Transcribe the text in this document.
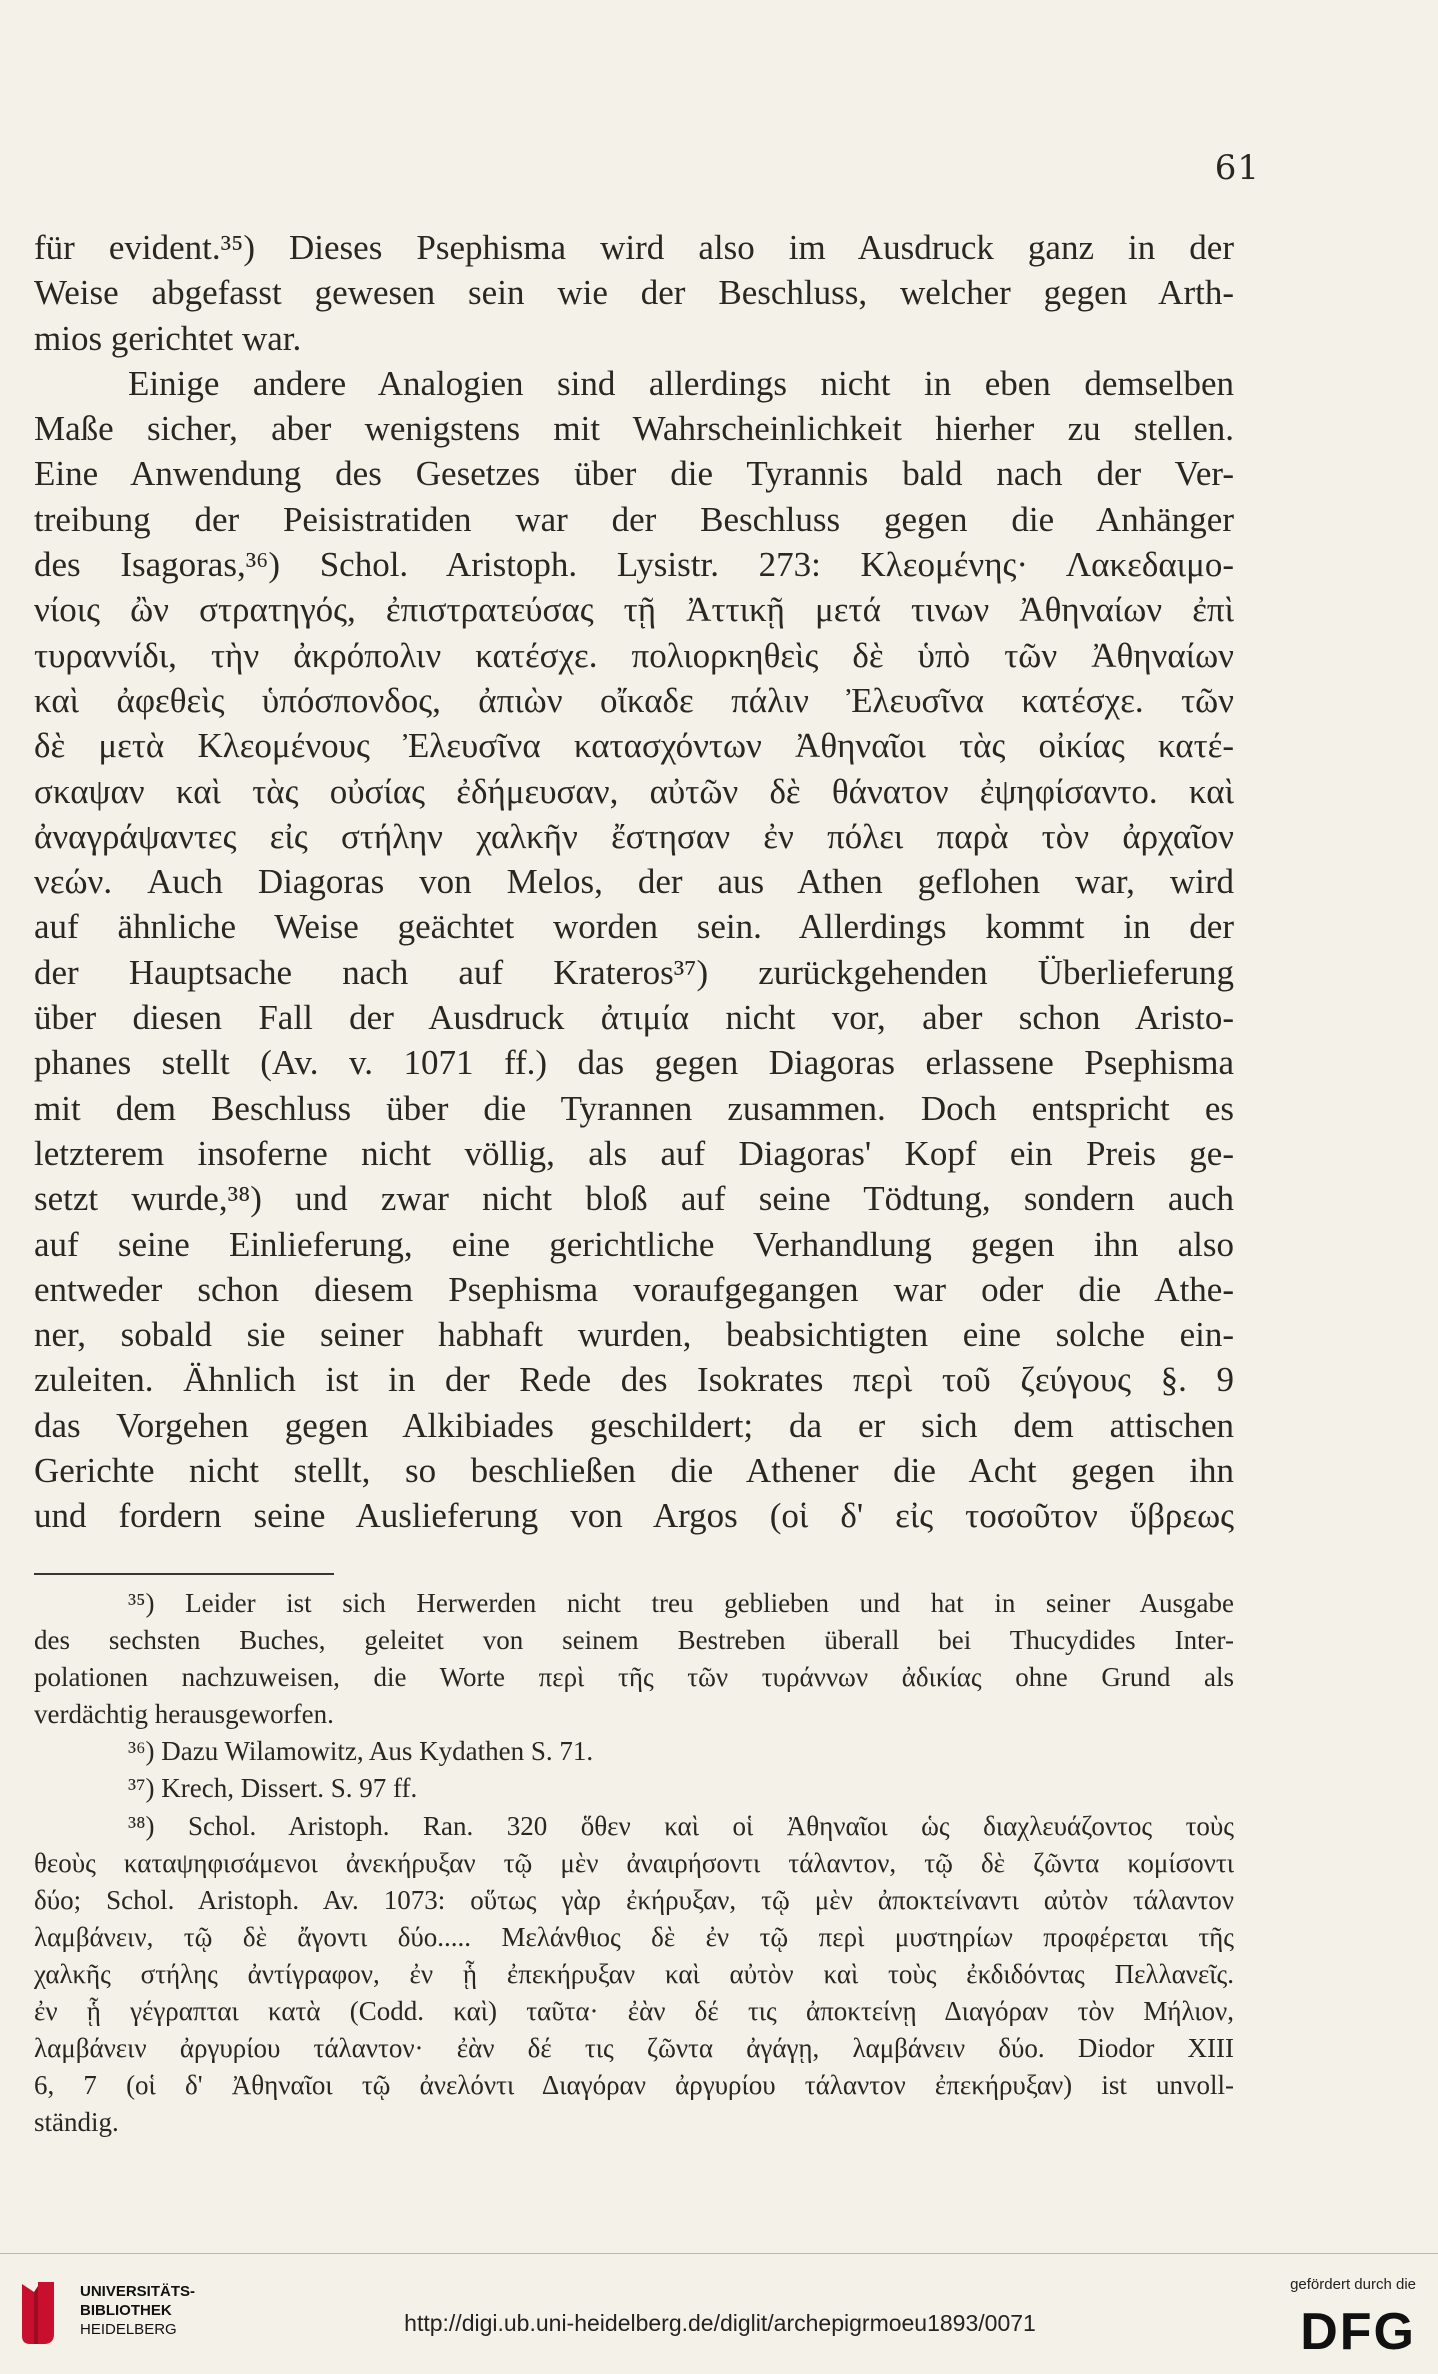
61
für evident.³⁵) Dieses Psephisma wird also im Ausdruck ganz in der
Weise abgefasst gewesen sein wie der Beschluss, welcher gegen Arth-
mios gerichtet war.
Einige andere Analogien sind allerdings nicht in eben demselben
Maße sicher, aber wenigstens mit Wahrscheinlichkeit hierher zu stellen.
Eine Anwendung des Gesetzes über die Tyrannis bald nach der Ver-
treibung der Peisistratiden war der Beschluss gegen die Anhänger
des Isagoras,³⁶) Schol. Aristoph. Lysistr. 273: Κλεομένης· Λακεδαιμο-
νίοις ὢν στρατηγός, ἐπιστρατεύσας τῇ Ἀττικῇ μετά τινων Ἀθηναίων ἐπὶ
τυραννίδι, τὴν ἀκρόπολιν κατέσχε. πολιορκηθεὶς δὲ ὑπὸ τῶν Ἀθηναίων
καὶ ἀφεθεὶς ὑπόσπονδος, ἀπιὼν οἴκαδε πάλιν Ἐλευσῖνα κατέσχε. τῶν
δὲ μετὰ Κλεομένους Ἐλευσῖνα κατασχόντων Ἀθηναῖοι τὰς οἰκίας κατέ-
σκαψαν καὶ τὰς οὐσίας ἐδήμευσαν, αὐτῶν δὲ θάνατον ἐψηφίσαντο. καὶ
ἀναγράψαντες εἰς στήλην χαλκῆν ἔστησαν ἐν πόλει παρὰ τὸν ἀρχαῖον
νεών. Auch Diagoras von Melos, der aus Athen geflohen war, wird
auf ähnliche Weise geächtet worden sein. Allerdings kommt in der
der Hauptsache nach auf Krateros³⁷) zurückgehenden Überlieferung
über diesen Fall der Ausdruck ἀτιμία nicht vor, aber schon Aristo-
phanes stellt (Av. v. 1071 ff.) das gegen Diagoras erlassene Psephisma
mit dem Beschluss über die Tyrannen zusammen. Doch entspricht es
letzterem insoferne nicht völlig, als auf Diagoras' Kopf ein Preis ge-
setzt wurde,³⁸) und zwar nicht bloß auf seine Tödtung, sondern auch
auf seine Einlieferung, eine gerichtliche Verhandlung gegen ihn also
entweder schon diesem Psephisma voraufgegangen war oder die Athe-
ner, sobald sie seiner habhaft wurden, beabsichtigten eine solche ein-
zuleiten. Ähnlich ist in der Rede des Isokrates περὶ τοῦ ζεύγους §. 9
das Vorgehen gegen Alkibiades geschildert; da er sich dem attischen
Gerichte nicht stellt, so beschließen die Athener die Acht gegen ihn
und fordern seine Auslieferung von Argos (οἱ δ' εἰς τοσοῦτον ὕβρεως
³⁵) Leider ist sich Herwerden nicht treu geblieben und hat in seiner Ausgabe
des sechsten Buches, geleitet von seinem Bestreben überall bei Thucydides Inter-
polationen nachzuweisen, die Worte περὶ τῆς τῶν τυράννων ἀδικίας ohne Grund als
verdächtig herausgeworfen.
³⁶) Dazu Wilamowitz, Aus Kydathen S. 71.
³⁷) Krech, Dissert. S. 97 ff.
³⁸) Schol. Aristoph. Ran. 320 ὅθεν καὶ οἱ Ἀθηναῖοι ὡς διαχλευάζοντος τοὺς
θεοὺς καταψηφισάμενοι ἀνεκήρυξαν τῷ μὲν ἀναιρήσοντι τάλαντον, τῷ δὲ ζῶντα κομίσοντι
δύο; Schol. Aristoph. Av. 1073: οὕτως γὰρ ἐκήρυξαν, τῷ μὲν ἀποκτείναντι αὐτὸν τάλαντον
λαμβάνειν, τῷ δὲ ἄγοντι δύο..... Μελάνθιος δὲ ἐν τῷ περὶ μυστηρίων προφέρεται τῆς
χαλκῆς στήλης ἀντίγραφον, ἐν ᾗ ἐπεκήρυξαν καὶ αὐτὸν καὶ τοὺς ἐκδιδόντας Πελλανεῖς.
ἐν ᾗ γέγραπται κατὰ (Codd. καὶ) ταῦτα· ἐὰν δέ τις ἀποκτείνῃ Διαγόραν τὸν Μήλιον,
λαμβάνειν ἀργυρίου τάλαντον· ἐὰν δέ τις ζῶντα ἀγάγῃ, λαμβάνειν δύο. Diodor XIII
6, 7 (οἱ δ' Ἀθηναῖοι τῷ ἀνελόντι Διαγόραν ἀργυρίου τάλαντον ἐπεκήρυξαν) ist unvoll-
ständig.
UNIVERSITÄTS-
BIBLIOTHEK
HEIDELBERG	http://digi.ub.uni-heidelberg.de/diglit/archepigrmoeu1893/0071
gefördert durch die
DFG
